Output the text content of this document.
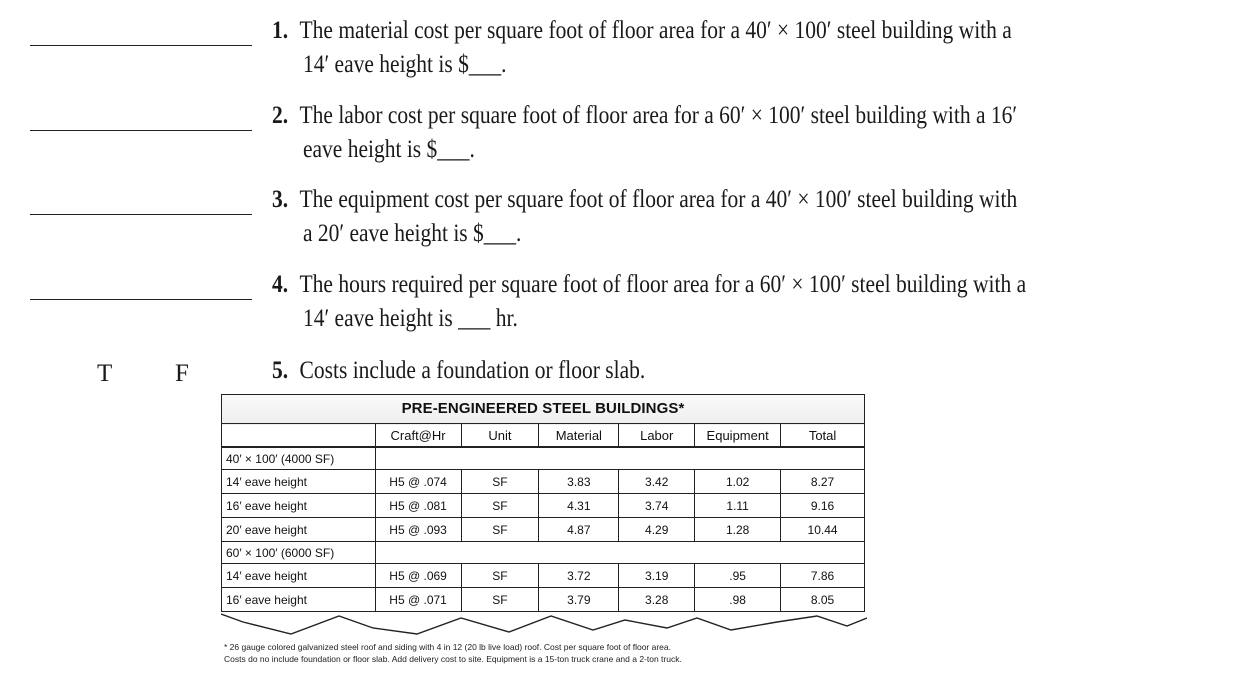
1. The material cost per square foot of floor area for a 40′ × 100′ steel building with a
14′ eave height is $___.
2. The labor cost per square foot of floor area for a 60′ × 100′ steel building with a 16′
eave height is $___.
3. The equipment cost per square foot of floor area for a 40′ × 100′ steel building with
a 20′ eave height is $___.
4. The hours required per square foot of floor area for a 60′ × 100′ steel building with a
14′ eave height is ___ hr.
5. Costs include a foundation or floor slab.
T	F
PRE-ENGINEERED STEEL BUILDINGS*
	Craft@Hr	Unit	Material	Labor	Equipment	Total
40′ × 100′ (4000 SF)						
14′ eave height	H5 @ .074	SF	3.83	3.42	1.02	8.27
16′ eave height	H5 @ .081	SF	4.31	3.74	1.11	9.16
20′ eave height	H5 @ .093	SF	4.87	4.29	1.28	10.44
60′ × 100′ (6000 SF)						
14′ eave height	H5 @ .069	SF	3.72	3.19	.95	7.86
16′ eave height	H5 @ .071	SF	3.79	3.28	.98	8.05
* 26 gauge colored galvanized steel roof and siding with 4 in 12 (20 lb live load) roof. Cost per square foot of floor area.
Costs do no include foundation or floor slab. Add delivery cost to site. Equipment is a 15-ton truck crane and a 2-ton truck.
